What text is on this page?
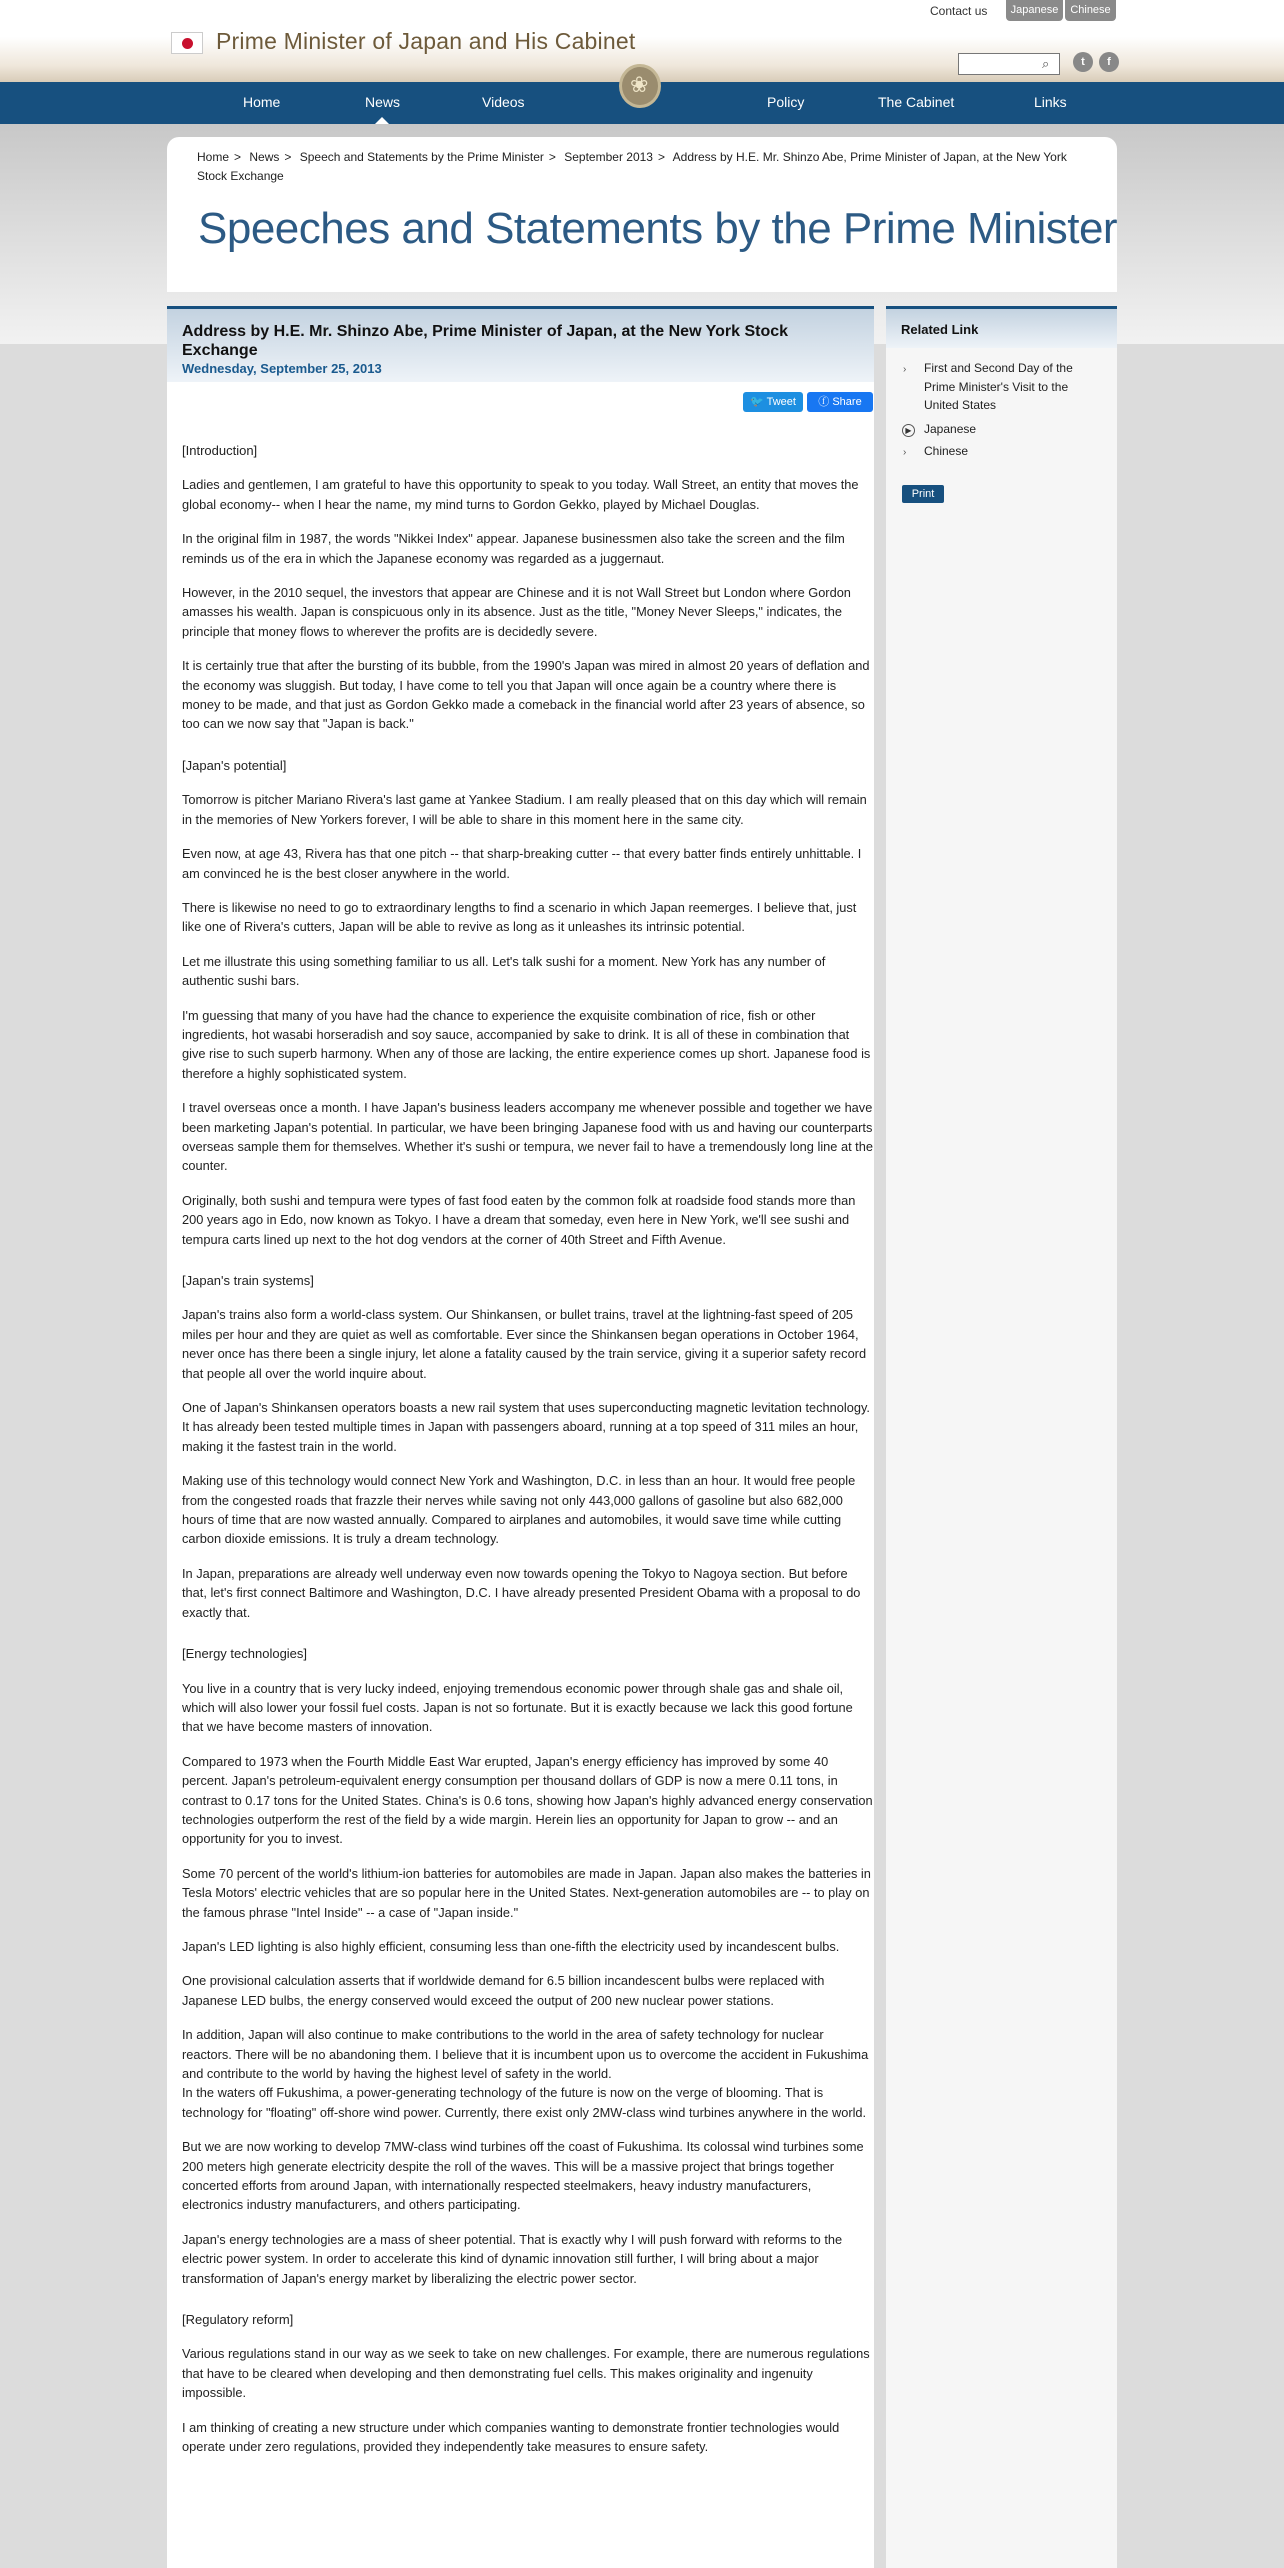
Contact us	Japanese	Chinese
Prime Minister of Japan and His Cabinet
⌕	t	f
Home	News	Videos	Policy	The Cabinet	Links
❀
Home > News > Speech and Statements by the Prime Minister > September 2013 > Address by H.E. Mr. Shinzo Abe, Prime Minister of Japan, at the New York Stock Exchange
Speeches and Statements by the Prime Minister
Address by H.E. Mr. Shinzo Abe, Prime Minister of Japan, at the New York Stock Exchange
Wednesday, September 25, 2013
🐦 Tweet	ⓕ Share
[Introduction]

Ladies and gentlemen, I am grateful to have this opportunity to speak to you today. Wall Street, an entity that moves the global economy-- when I hear the name, my mind turns to Gordon Gekko, played by Michael Douglas.

In the original film in 1987, the words "Nikkei Index" appear. Japanese businessmen also take the screen and the film reminds us of the era in which the Japanese economy was regarded as a juggernaut.

However, in the 2010 sequel, the investors that appear are Chinese and it is not Wall Street but London where Gordon amasses his wealth. Japan is conspicuous only in its absence. Just as the title, "Money Never Sleeps," indicates, the principle that money flows to wherever the profits are is decidedly severe.

It is certainly true that after the bursting of its bubble, from the 1990's Japan was mired in almost 20 years of deflation and the economy was sluggish. But today, I have come to tell you that Japan will once again be a country where there is money to be made, and that just as Gordon Gekko made a comeback in the financial world after 23 years of absence, so too can we now say that "Japan is back."

[Japan's potential]

Tomorrow is pitcher Mariano Rivera's last game at Yankee Stadium. I am really pleased that on this day which will remain in the memories of New Yorkers forever, I will be able to share in this moment here in the same city.

Even now, at age 43, Rivera has that one pitch -- that sharp-breaking cutter -- that every batter finds entirely unhittable. I am convinced he is the best closer anywhere in the world.

There is likewise no need to go to extraordinary lengths to find a scenario in which Japan reemerges. I believe that, just like one of Rivera's cutters, Japan will be able to revive as long as it unleashes its intrinsic potential.

Let me illustrate this using something familiar to us all. Let's talk sushi for a moment. New York has any number of authentic sushi bars.

I'm guessing that many of you have had the chance to experience the exquisite combination of rice, fish or other ingredients, hot wasabi horseradish and soy sauce, accompanied by sake to drink. It is all of these in combination that give rise to such superb harmony. When any of those are lacking, the entire experience comes up short. Japanese food is therefore a highly sophisticated system.

I travel overseas once a month. I have Japan's business leaders accompany me whenever possible and together we have been marketing Japan's potential. In particular, we have been bringing Japanese food with us and having our counterparts overseas sample them for themselves. Whether it's sushi or tempura, we never fail to have a tremendously long line at the counter.

Originally, both sushi and tempura were types of fast food eaten by the common folk at roadside food stands more than 200 years ago in Edo, now known as Tokyo. I have a dream that someday, even here in New York, we'll see sushi and tempura carts lined up next to the hot dog vendors at the corner of 40th Street and Fifth Avenue.

[Japan's train systems]

Japan's trains also form a world-class system. Our Shinkansen, or bullet trains, travel at the lightning-fast speed of 205 miles per hour and they are quiet as well as comfortable. Ever since the Shinkansen began operations in October 1964, never once has there been a single injury, let alone a fatality caused by the train service, giving it a superior safety record that people all over the world inquire about.

One of Japan's Shinkansen operators boasts a new rail system that uses superconducting magnetic levitation technology. It has already been tested multiple times in Japan with passengers aboard, running at a top speed of 311 miles an hour, making it the fastest train in the world.

Making use of this technology would connect New York and Washington, D.C. in less than an hour. It would free people from the congested roads that frazzle their nerves while saving not only 443,000 gallons of gasoline but also 682,000 hours of time that are now wasted annually. Compared to airplanes and automobiles, it would save time while cutting carbon dioxide emissions. It is truly a dream technology.

In Japan, preparations are already well underway even now towards opening the Tokyo to Nagoya section. But before that, let's first connect Baltimore and Washington, D.C. I have already presented President Obama with a proposal to do exactly that.

[Energy technologies]

You live in a country that is very lucky indeed, enjoying tremendous economic power through shale gas and shale oil, which will also lower your fossil fuel costs. Japan is not so fortunate. But it is exactly because we lack this good fortune that we have become masters of innovation.

Compared to 1973 when the Fourth Middle East War erupted, Japan's energy efficiency has improved by some 40 percent. Japan's petroleum-equivalent energy consumption per thousand dollars of GDP is now a mere 0.11 tons, in contrast to 0.17 tons for the United States. China's is 0.6 tons, showing how Japan's highly advanced energy conservation technologies outperform the rest of the field by a wide margin. Herein lies an opportunity for Japan to grow -- and an opportunity for you to invest.

Some 70 percent of the world's lithium-ion batteries for automobiles are made in Japan. Japan also makes the batteries in Tesla Motors' electric vehicles that are so popular here in the United States. Next-generation automobiles are -- to play on the famous phrase "Intel Inside" -- a case of "Japan inside."

Japan's LED lighting is also highly efficient, consuming less than one-fifth the electricity used by incandescent bulbs.

One provisional calculation asserts that if worldwide demand for 6.5 billion incandescent bulbs were replaced with Japanese LED bulbs, the energy conserved would exceed the output of 200 new nuclear power stations.

In addition, Japan will also continue to make contributions to the world in the area of safety technology for nuclear reactors. There will be no abandoning them. I believe that it is incumbent upon us to overcome the accident in Fukushima and contribute to the world by having the highest level of safety in the world.
In the waters off Fukushima, a power-generating technology of the future is now on the verge of blooming. That is technology for "floating" off-shore wind power. Currently, there exist only 2MW-class wind turbines anywhere in the world.

But we are now working to develop 7MW-class wind turbines off the coast of Fukushima. Its colossal wind turbines some 200 meters high generate electricity despite the roll of the waves. This will be a massive project that brings together concerted efforts from around Japan, with internationally respected steelmakers, heavy industry manufacturers, electronics industry manufacturers, and others participating.

Japan's energy technologies are a mass of sheer potential. That is exactly why I will push forward with reforms to the electric power system. In order to accelerate this kind of dynamic innovation still further, I will bring about a major transformation of Japan's energy market by liberalizing the electric power sector.

[Regulatory reform]

Various regulations stand in our way as we seek to take on new challenges. For example, there are numerous regulations that have to be cleared when developing and then demonstrating fuel cells. This makes originality and ingenuity impossible.

I am thinking of creating a new structure under which companies wanting to demonstrate frontier technologies would operate under zero regulations, provided they independently take measures to ensure safety.

Related Link
› First and Second Day of the Prime Minister's Visit to the United States
▶ Japanese
› Chinese
Print
